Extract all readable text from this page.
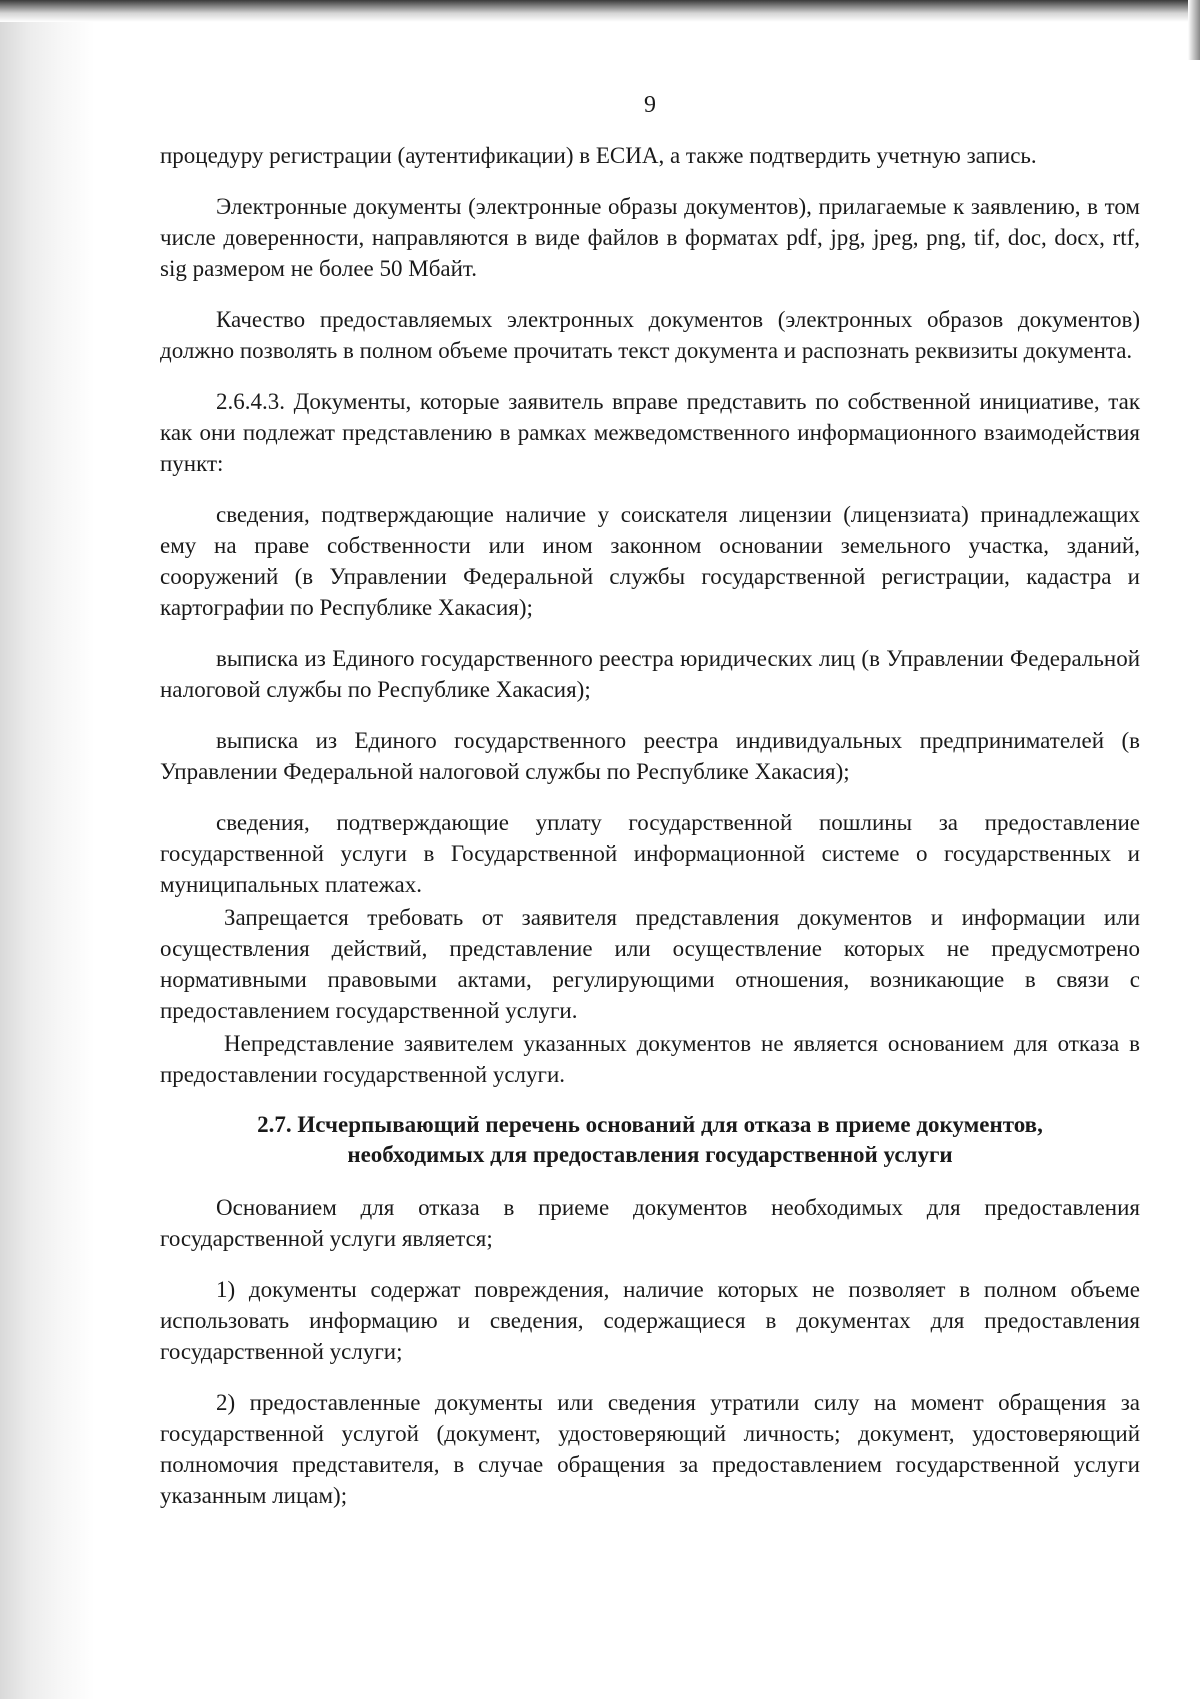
9

процедуру регистрации (аутентификации) в ЕСИА, а также подтвердить учетную запись.

Электронные документы (электронные образы документов), прилагаемые к заявлению, в том числе доверенности, направляются в виде файлов в форматах pdf, jpg, jpeg, png, tif, doc, docx, rtf, sig размером не более 50 Мбайт.

Качество предоставляемых электронных документов (электронных образов документов) должно позволять в полном объеме прочитать текст документа и распознать реквизиты документа.

2.6.4.3. Документы, которые заявитель вправе представить по собственной инициативе, так как они подлежат представлению в рамках межведомственного информационного взаимодействия пункт:

сведения, подтверждающие наличие у соискателя лицензии (лицензиата) принадлежащих ему на праве собственности или ином законном основании земельного участка, зданий, сооружений (в Управлении Федеральной службы государственной регистрации, кадастра и картографии по Республике Хакасия);

выписка из Единого государственного реестра юридических лиц (в Управлении Федеральной налоговой службы по Республике Хакасия);

выписка из Единого государственного реестра индивидуальных предпринимателей (в Управлении Федеральной налоговой службы по Республике Хакасия);

сведения, подтверждающие уплату государственной пошлины за предоставление государственной услуги в Государственной информационной системе о государственных и муниципальных платежах.

Запрещается требовать от заявителя представления документов и информации или осуществления действий, представление или осуществление которых не предусмотрено нормативными правовыми актами, регулирующими отношения, возникающие в связи с предоставлением государственной услуги.

Непредставление заявителем указанных документов не является основанием для отказа в предоставлении государственной услуги.

2.7. Исчерпывающий перечень оснований для отказа в приеме документов,
необходимых для предоставления государственной услуги

Основанием для отказа в приеме документов необходимых для предоставления государственной услуги является;

1) документы содержат повреждения, наличие которых не позволяет в полном объеме использовать информацию и сведения, содержащиеся в документах для предоставления государственной услуги;

2) предоставленные документы или сведения утратили силу на момент обращения за государственной услугой (документ, удостоверяющий личность; документ, удостоверяющий полномочия представителя, в случае обращения за предоставлением государственной услуги указанным лицам);
